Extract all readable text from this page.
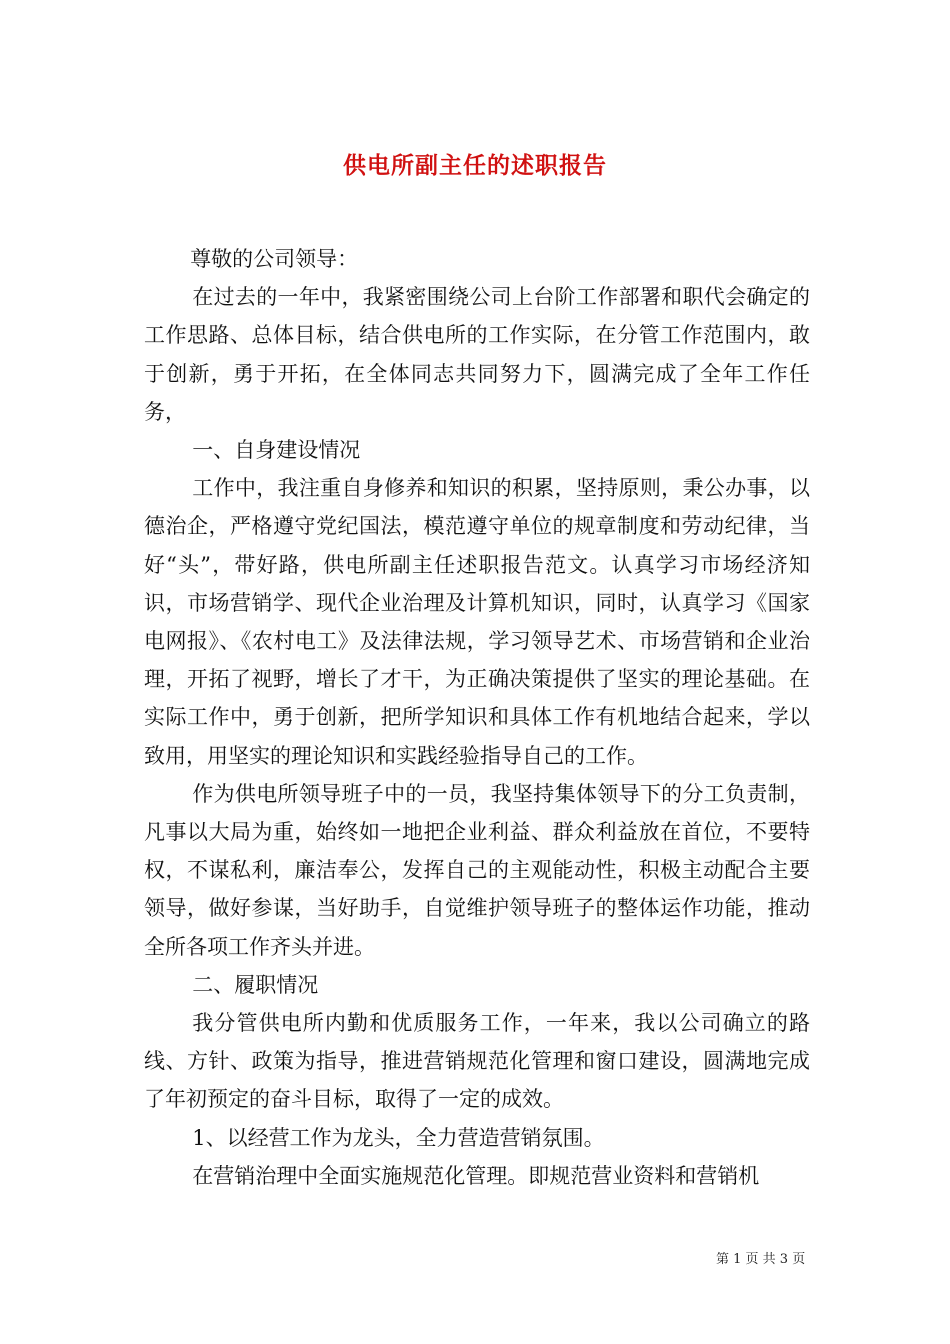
供电所副主任的述职报告

尊敬的公司领导：

在过去的一年中，我紧密围绕公司上台阶工作部署和职代会确定的工作思路、总体目标，结合供电所的工作实际，在分管工作范围内，敢于创新，勇于开拓，在全体同志共同努力下，圆满完成了全年工作任务，

一、自身建设情况

工作中，我注重自身修养和知识的积累，坚持原则，秉公办事，以德治企，严格遵守党纪国法，模范遵守单位的规章制度和劳动纪律，当好“头”，带好路，供电所副主任述职报告范文。认真学习市场经济知识，市场营销学、现代企业治理及计算机知识，同时，认真学习《国家电网报》、《农村电工》及法律法规，学习领导艺术、市场营销和企业治理，开拓了视野，增长了才干，为正确决策提供了坚实的理论基础。在实际工作中，勇于创新，把所学知识和具体工作有机地结合起来，学以致用，用坚实的理论知识和实践经验指导自己的工作。

作为供电所领导班子中的一员，我坚持集体领导下的分工负责制，凡事以大局为重，始终如一地把企业利益、群众利益放在首位，不要特权，不谋私利，廉洁奉公，发挥自己的主观能动性，积极主动配合主要领导，做好参谋，当好助手，自觉维护领导班子的整体运作功能，推动全所各项工作齐头并进。

二、履职情况

我分管供电所内勤和优质服务工作，一年来，我以公司确立的路线、方针、政策为指导，推进营销规范化管理和窗口建设，圆满地完成了年初预定的奋斗目标，取得了一定的成效。

1、以经营工作为龙头，全力营造营销氛围。

在营销治理中全面实施规范化管理。即规范营业资料和营销机

第 1 页 共 3 页
